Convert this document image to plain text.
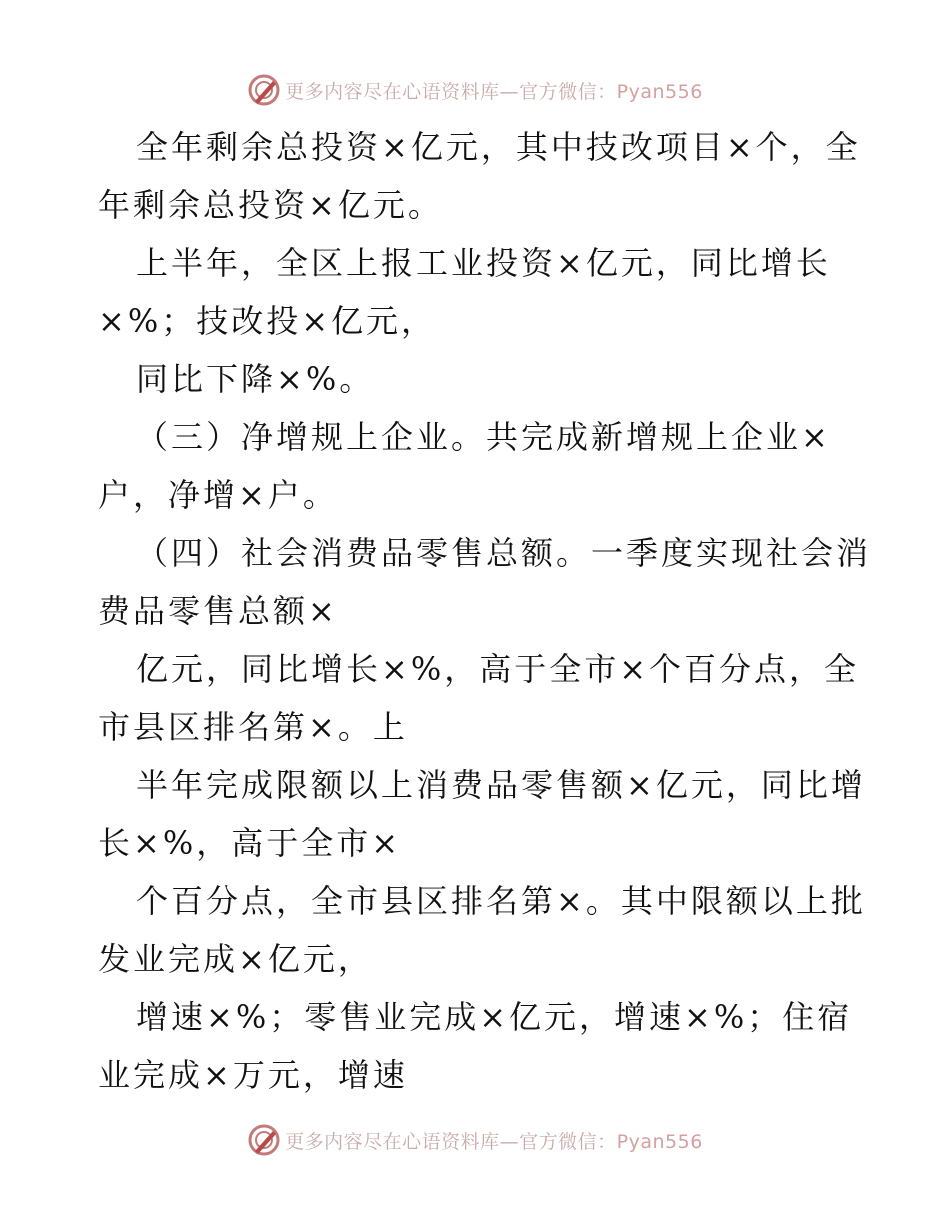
更多内容尽在心语资料库—官方微信：Pyan556
全年剩余总投资×亿元，其中技改项目×个，全
年剩余总投资×亿元。
上半年，全区上报工业投资×亿元，同比增长
×%；技改投×亿元，
同比下降×%。
（三）净增规上企业。共完成新增规上企业×
户，净增×户。
（四）社会消费品零售总额。一季度实现社会消
费品零售总额×
亿元，同比增长×%，高于全市×个百分点，全
市县区排名第×。上
半年完成限额以上消费品零售额×亿元，同比增
长×%，高于全市×
个百分点，全市县区排名第×。其中限额以上批
发业完成×亿元，
增速×%；零售业完成×亿元，增速×%；住宿
业完成×万元，增速
更多内容尽在心语资料库—官方微信：Pyan556
